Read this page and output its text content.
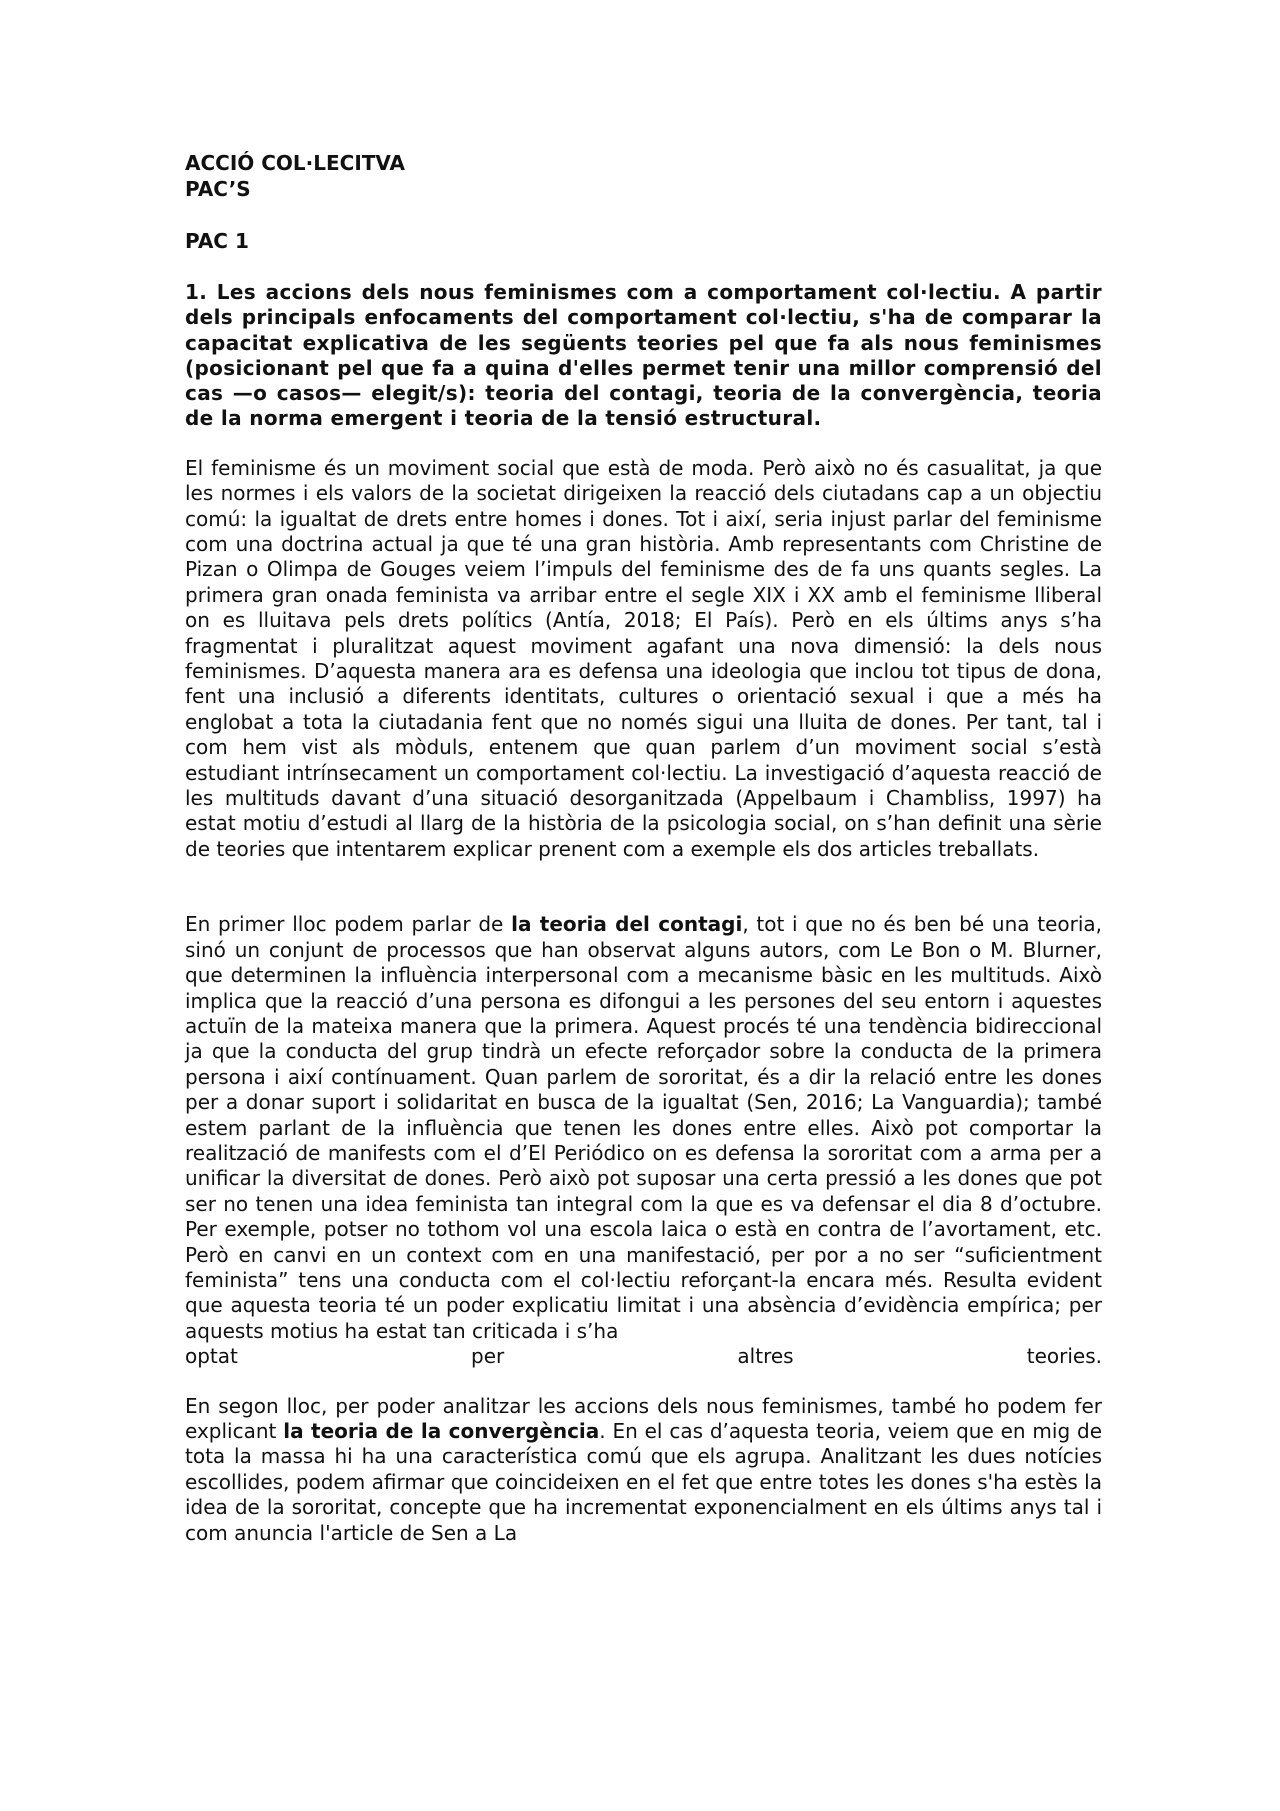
ACCIÓ COL·LECITVA

PAC’S

PAC 1

1. Les accions dels nous feminismes com a comportament col·lectiu. A partir dels principals enfocaments del comportament col·lectiu, s'ha de comparar la capacitat explicativa de les següents teories pel que fa als nous feminismes (posicionant pel que fa a quina d'elles permet tenir una millor comprensió del cas —o casos— elegit/s): teoria del contagi, teoria de la convergència, teoria de la norma emergent i teoria de la tensió estructural.

El feminisme és un moviment social que està de moda. Però això no és casualitat, ja que les normes i els valors de la societat dirigeixen la reacció dels ciutadans cap a un objectiu comú: la igualtat de drets entre homes i dones. Tot i així, seria injust parlar del feminisme com una doctrina actual ja que té una gran història. Amb representants com Christine de Pizan o Olimpa de Gouges veiem l’impuls del feminisme des de fa uns quants segles. La primera gran onada feminista va arribar entre el segle XIX i XX amb el feminisme lliberal on es lluitava pels drets polítics (Antía, 2018; El País). Però en els últims anys s’ha fragmentat i pluralitzat aquest moviment agafant una nova dimensió: la dels nous feminismes. D’aquesta manera ara es defensa una ideologia que inclou tot tipus de dona, fent una inclusió a diferents identitats, cultures o orientació sexual i que a més ha englobat a tota la ciutadania fent que no només sigui una lluita de dones. Per tant, tal i com hem vist als mòduls, entenem que quan parlem d’un moviment social s’està estudiant intrínsecament un comportament col·lectiu. La investigació d’aquesta reacció de les multituds davant d’una situació desorganitzada (Appelbaum i Chambliss, 1997) ha estat motiu d’estudi al llarg de la història de la psicologia social, on s’han definit una sèrie de teories que intentarem explicar prenent com a exemple els dos articles treballats.

En primer lloc podem parlar de la teoria del contagi, tot i que no és ben bé una teoria, sinó un conjunt de processos que han observat alguns autors, com Le Bon o M. Blurner, que determinen la influència interpersonal com a mecanisme bàsic en les multituds. Això implica que la reacció d’una persona es difongui a les persones del seu entorn i aquestes actuïn de la mateixa manera que la primera. Aquest procés té una tendència bidireccional ja que la conducta del grup tindrà un efecte reforçador sobre la conducta de la primera persona i així contínuament. Quan parlem de sororitat, és a dir la relació entre les dones per a donar suport i solidaritat en busca de la igualtat (Sen, 2016; La Vanguardia); també estem parlant de la influència que tenen les dones entre elles. Això pot comportar la realització de manifests com el d’El Periódico on es defensa la sororitat com a arma per a unificar la diversitat de dones. Però això pot suposar una certa pressió a les dones que pot ser no tenen una idea feminista tan integral com la que es va defensar el dia 8 d’octubre. Per exemple, potser no tothom vol una escola laica o està en contra de l’avortament, etc. Però en canvi en un context com en una manifestació, per por a no ser “suficientment feminista” tens una conducta com el col·lectiu reforçant-la encara més. Resulta evident que aquesta teoria té un poder explicatiu limitat i una absència d’evidència empírica; per aquests motius ha estat tan criticada i s’ha

optat	per	altres	teories.

En segon lloc, per poder analitzar les accions dels nous feminismes, també ho podem fer explicant la teoria de la convergència. En el cas d’aquesta teoria, veiem que en mig de tota la massa hi ha una característica comú que els agrupa. Analitzant les dues notícies escollides, podem afirmar que coincideixen en el fet que entre totes les dones s'ha estès la idea de la sororitat, concepte que ha incrementat exponencialment en els últims anys tal i com anuncia l'article de Sen a La
